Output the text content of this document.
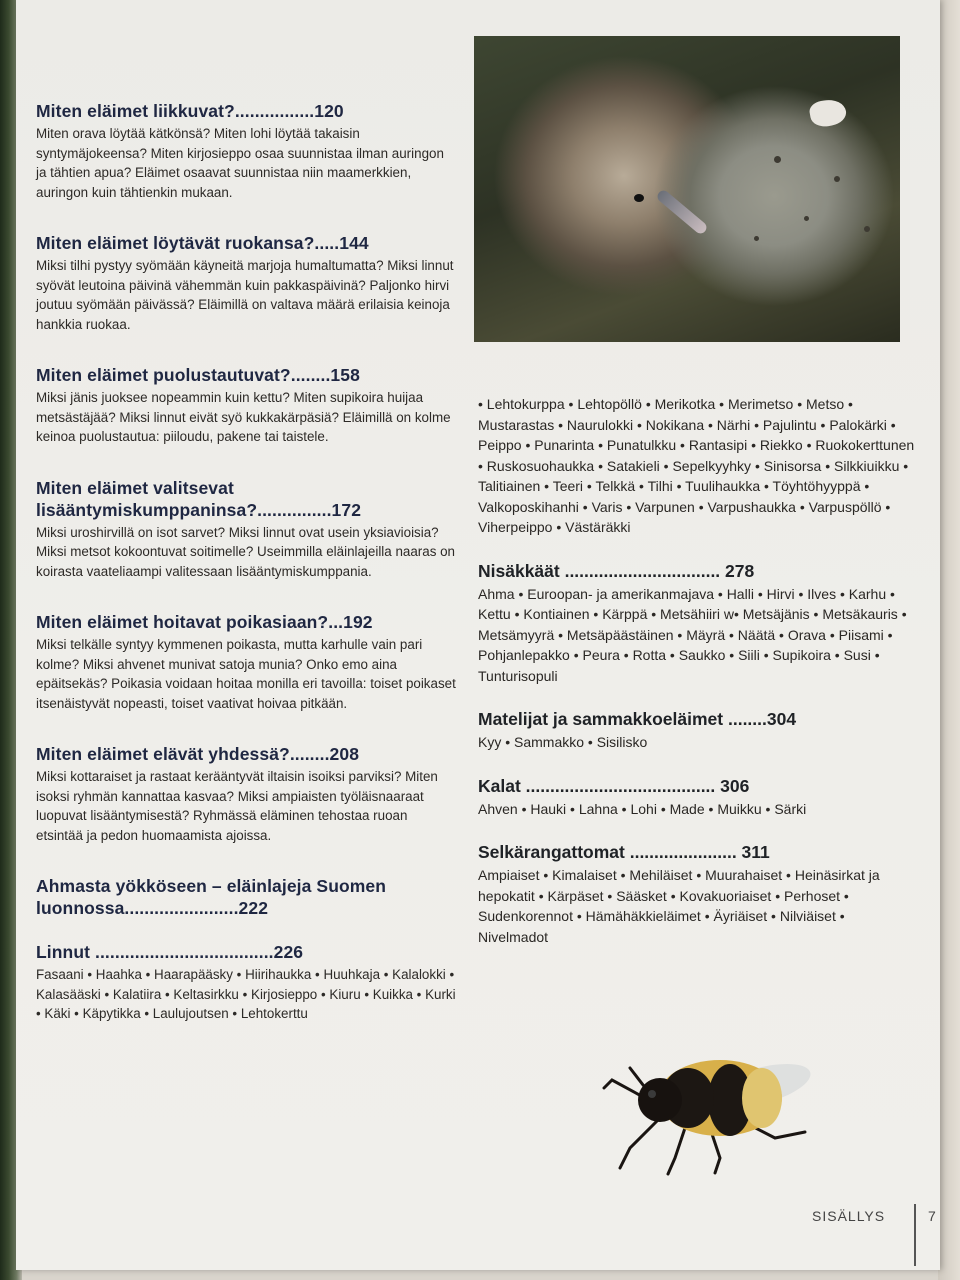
Miten eläimet liikkuvat?................120

Miten orava löytää kätkönsä? Miten lohi löytää takaisin syntymäjokeensa? Miten kirjosieppo osaa suunnistaa ilman auringon ja tähtien apua? Eläimet osaavat suunnistaa niin maamerkkien, auringon kuin tähtienkin mukaan.

Miten eläimet löytävät ruokansa?.....144

Miksi tilhi pystyy syömään käyneitä marjoja humaltumatta? Miksi linnut syövät leutoina päivinä vähemmän kuin pakkaspäivinä? Paljonko hirvi joutuu syömään päivässä? Eläimillä on valtava määrä erilaisia keinoja hankkia ruokaa.

Miten eläimet puolustautuvat?........158

Miksi jänis juoksee nopeammin kuin kettu? Miten supikoira huijaa metsästäjää? Miksi linnut eivät syö kukkakärpäsiä? Eläimillä on kolme keinoa puolustautua: piiloudu, pakene tai taistele.

Miten eläimet valitsevat lisääntymiskumppaninsa?...............172

Miksi uroshirvillä on isot sarvet? Miksi linnut ovat usein yksiavioisia? Miksi metsot kokoontuvat soitimelle? Useimmilla eläinlajeilla naaras on koirasta vaateliaampi valitessaan lisääntymiskumppania.

Miten eläimet hoitavat poikasiaan?...192

Miksi telkälle syntyy kymmenen poikasta, mutta karhulle vain pari kolme? Miksi ahvenet munivat satoja munia? Onko emo aina epäitsekäs? Poikasia voidaan hoitaa monilla eri tavoilla: toiset poikaset itsenäistyvät nopeasti, toiset vaativat hoivaa pitkään.

Miten eläimet elävät yhdessä?........208

Miksi kottaraiset ja rastaat kerääntyvät iltaisin isoiksi parviksi? Miten isoksi ryhmän kannattaa kasvaa? Miksi ampiaisten työläisnaaraat luopuvat lisääntymisestä? Ryhmässä eläminen tehostaa ruoan etsintää ja pedon huomaamista ajoissa.

Ahmasta yökköseen – eläinlajeja Suomen luonnossa.......................222
Linnut ....................................226

Fasaani • Haahka • Haarapääsky • Hiirihaukka • Huuhkaja • Kalalokki • Kalasääski • Kalatiira • Keltasirkku • Kirjosieppo • Kiuru • Kuikka • Kurki • Käki • Käpytikka • Laulujoutsen • Lehtokerttu

• Lehtokurppa • Lehtopöllö • Merikotka • Merimetso • Metso • Mustarastas • Naurulokki • Nokikana • Närhi • Pajulintu • Palokärki • Peippo • Punarinta • Punatulkku • Rantasipi • Riekko • Ruokokerttunen • Ruskosuohaukka • Satakieli • Sepelkyyhky • Sinisorsa • Silkkiuikku • Talitiainen • Teeri • Telkkä • Tilhi • Tuulihaukka • Töyhtöhyyppä • Valkoposkihanhi • Varis • Varpunen • Varpushaukka • Varpuspöllö • Viherpeippo • Västäräkki

Nisäkkäät ................................ 278

Ahma • Euroopan- ja amerikanmajava • Halli • Hirvi • Ilves • Karhu • Kettu • Kontiainen • Kärppä • Metsähiiri w• Metsäjänis • Metsäkauris • Metsämyyrä • Metsäpäästäinen • Mäyrä • Näätä • Orava • Piisami • Pohjanlepakko • Peura • Rotta • Saukko • Siili • Supikoira • Susi • Tunturisopuli

Matelijat ja sammakkoeläimet ........304

Kyy • Sammakko • Sisilisko

Kalat ....................................... 306

Ahven • Hauki • Lahna • Lohi • Made • Muikku • Särki

Selkärangattomat ...................... 311

Ampiaiset • Kimalaiset • Mehiläiset • Muurahaiset • Heinäsirkat ja hepokatit • Kärpäset • Sääsket • Kovakuoriaiset • Perhoset • Sudenkorennot • Hämähäkkieläimet • Äyriäiset • Nilviäiset • Nivelmadot

SISÄLLYS	7
